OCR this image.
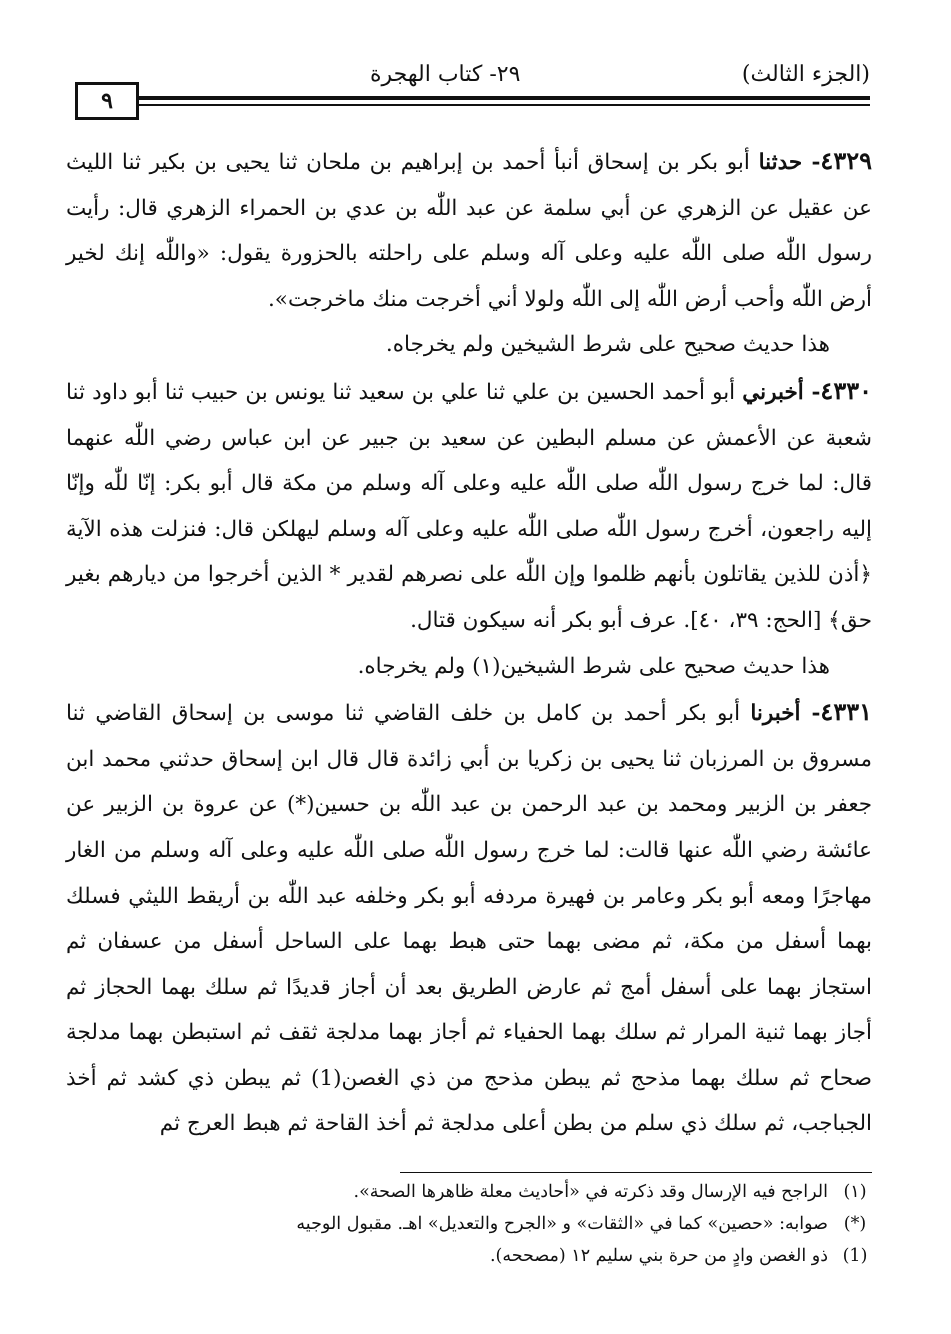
(الجزء الثالث)
٢٩- كتاب الهجرة
٩

٤٣٢٩- حدثنا أبو بكر بن إسحاق أنبأ أحمد بن إبراهيم بن ملحان ثنا يحيى بن بكير ثنا الليث عن عقيل عن الزهري عن أبي سلمة عن عبد اللّٰه بن عدي بن الحمراء الزهري قال: رأيت رسول اللّٰه صلى اللّٰه عليه وعلى آله وسلم على راحلته بالحزورة يقول: «واللّٰه إنك لخير أرض اللّٰه وأحب أرض اللّٰه إلى اللّٰه ولولا أني أخرجت منك ماخرجت».

هذا حديث صحيح على شرط الشيخين ولم يخرجاه.

٤٣٣٠- أخبرني أبو أحمد الحسين بن علي ثنا علي بن سعيد ثنا يونس بن حبيب ثنا أبو داود ثنا شعبة عن الأعمش عن مسلم البطين عن سعيد بن جبير عن ابن عباس رضي اللّٰه عنهما قال: لما خرج رسول اللّٰه صلى اللّٰه عليه وعلى آله وسلم من مكة قال أبو بكر: إنّا للّٰه وإنّا إليه راجعون، أخرج رسول اللّٰه صلى اللّٰه عليه وعلى آله وسلم ليهلكن قال: فنزلت هذه الآية ﴿أذن للذين يقاتلون بأنهم ظلموا وإن اللّٰه على نصرهم لقدير * الذين أخرجوا من ديارهم بغير حق﴾ [الحج: ٣٩، ٤٠]. عرف أبو بكر أنه سيكون قتال.

هذا حديث صحيح على شرط الشيخين(١) ولم يخرجاه.

٤٣٣١- أخبرنا أبو بكر أحمد بن كامل بن خلف القاضي ثنا موسى بن إسحاق القاضي ثنا مسروق بن المرزبان ثنا يحيى بن زكريا بن أبي زائدة قال قال ابن إسحاق حدثني محمد ابن جعفر بن الزبير ومحمد بن عبد الرحمن بن عبد اللّٰه بن حسين(*) عن عروة بن الزبير عن عائشة رضي اللّٰه عنها قالت: لما خرج رسول اللّٰه صلى اللّٰه عليه وعلى آله وسلم من الغار مهاجرًا ومعه أبو بكر وعامر بن فهيرة مردفه أبو بكر وخلفه عبد اللّٰه بن أريقط الليثي فسلك بهما أسفل من مكة، ثم مضى بهما حتى هبط بهما على الساحل أسفل من عسفان ثم استجاز بهما على أسفل أمج ثم عارض الطريق بعد أن أجاز قديدًا ثم سلك بهما الحجاز ثم أجاز بهما ثنية المرار ثم سلك بهما الحفياء ثم أجاز بهما مدلجة ثقف ثم استبطن بهما مدلجة صحاح ثم سلك بهما مذحج ثم يبطن مذحج من ذي الغصن(1) ثم يبطن ذي كشد ثم أخذ الجباجب، ثم سلك ذي سلم من بطن أعلى مدلجة ثم أخذ القاحة ثم هبط العرج ثم

(١)
الراجح فيه الإرسال وقد ذكرته في «أحاديث معلة ظاهرها الصحة».
(*)
صوابه: «حصين» كما في «الثقات» و «الجرح والتعديل» اهـ. مقبول الوجيه
(1)
ذو الغصن وادٍ من حرة بني سليم ١٢ (مصححه).
